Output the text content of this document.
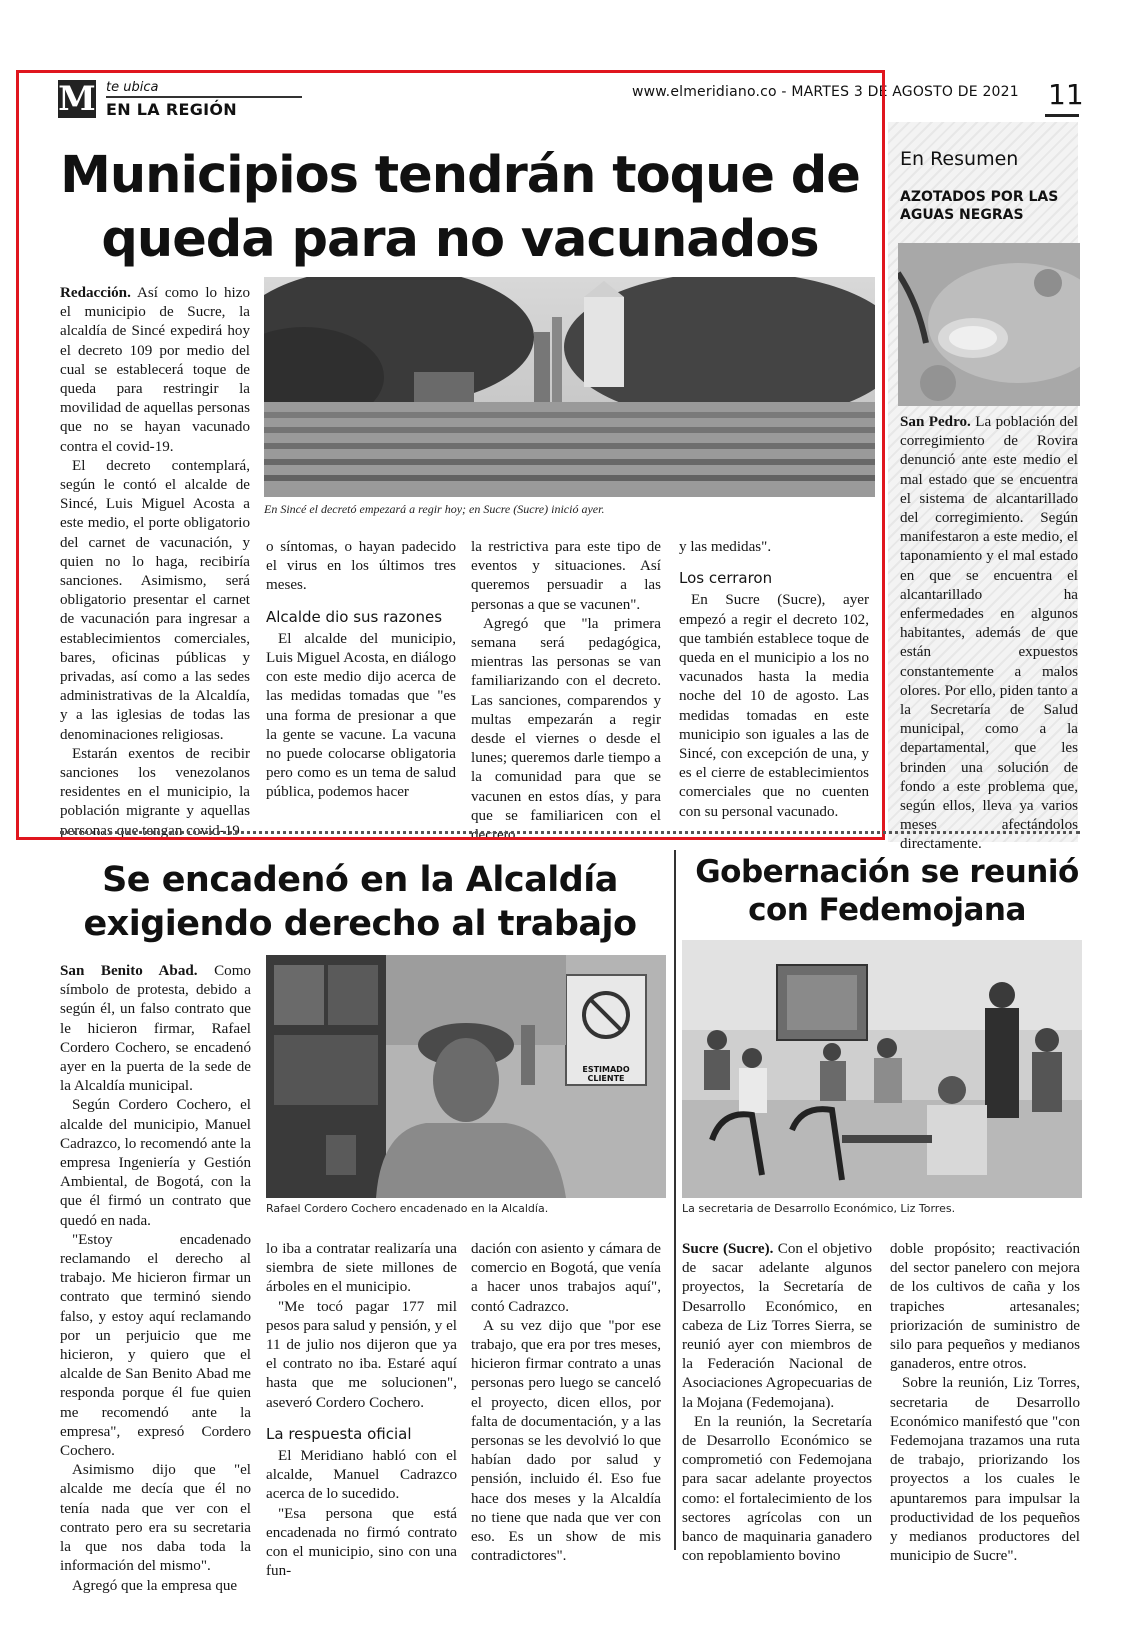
M te ubica
EN LA REGIÓN
www.elmeridiano.co - MARTES 3 DE AGOSTO DE 2021 11
Municipios tendrán toque de
queda para no vacunados

Redacción. Así como lo hizo el municipio de Sucre, la alcaldía de Sincé expedirá hoy el decreto 109 por medio del cual se establecerá toque de queda para restringir la movilidad de aquellas personas que no se hayan vacunado contra el covid-19.

El decreto contemplará, según le contó el alcalde de Sincé, Luis Miguel Acosta a este medio, el porte obligatorio del carnet de vacunación, y quien no lo haga, recibiría sanciones. Asimismo, será obligatorio presentar el carnet de vacunación para ingresar a establecimientos comerciales, bares, oficinas públicas y privadas, así como a las sedes administrativas de la Alcaldía, y a las iglesias de todas las denominaciones religiosas.

Estarán exentos de recibir sanciones los venezolanos residentes en el municipio, la población migrante y aquellas personas que tengan covid-19

En Sincé el decretó empezará a regir hoy; en Sucre (Sucre) inició ayer.

o síntomas, o hayan padecido el virus en los últimos tres meses.

Alcalde dio sus razones

El alcalde del municipio, Luis Miguel Acosta, en diálogo con este medio dijo acerca de las medidas tomadas que "es una forma de presionar a que la gente se vacune. La vacuna no puede colocarse obligatoria pero como es un tema de salud pública, podemos hacer

la restrictiva para este tipo de eventos y situaciones. Así queremos persuadir a las personas a que se vacunen".

Agregó que "la primera semana será pedagógica, mientras las personas se van familiarizando con el decreto. Las sanciones, comparendos y multas empezarán a regir desde el viernes o desde el lunes; queremos darle tiempo a la comunidad para que se vacunen en estos días, y para que se familiaricen con el decreto

y las medidas".

Los cerraron

En Sucre (Sucre), ayer empezó a regir el decreto 102, que también establece toque de queda en el municipio a los no vacunados hasta la media noche del 10 de agosto. Las medidas tomadas en este municipio son iguales a las de Sincé, con excepción de una, y es el cierre de establecimientos comerciales que no cuenten con su personal vacunado.

En Resumen
AZOTADOS POR LAS
AGUAS NEGRAS

San Pedro. La población del corregimiento de Rovira denunció ante este medio el mal estado que se encuentra el sistema de alcantarillado del corregimiento. Según manifestaron a este medio, el taponamiento y el mal estado en que se encuentra el alcantarillado ha enfermedades en algunos habitantes, además de que están expuestos constantemente a malos olores. Por ello, piden tanto a la Secretaría de Salud municipal, como a la departamental, que les brinden una solución de fondo a este problema que, según ellos, lleva ya varios meses afectándolos directamente.

Se encadenó en la Alcaldía
exigiendo derecho al trabajo

San Benito Abad. Como símbolo de protesta, debido a según él, un falso contrato que le hicieron firmar, Rafael Cordero Cochero, se encadenó ayer en la puerta de la sede de la Alcaldía municipal.

Según Cordero Cochero, el alcalde del municipio, Manuel Cadrazco, lo recomendó ante la empresa Ingeniería y Gestión Ambiental, de Bogotá, con la que él firmó un contrato que quedó en nada.

"Estoy encadenado reclamando el derecho al trabajo. Me hicieron firmar un contrato que terminó siendo falso, y estoy aquí reclamando por un perjuicio que me hicieron, y quiero que el alcalde de San Benito Abad me responda porque él fue quien me recomendó ante la empresa", expresó Cordero Cochero.

Asimismo dijo que "el alcalde me decía que él no tenía nada que ver con el contrato pero era su secretaria la que nos daba toda la información del mismo".

Agregó que la empresa que

ESTIMADO CLIENTE
Rafael Cordero Cochero encadenado en la Alcaldía.

lo iba a contratar realizaría una siembra de siete millones de árboles en el municipio.

"Me tocó pagar 177 mil pesos para salud y pensión, y el 11 de julio nos dijeron que ya el contrato no iba. Estaré aquí hasta que me solucionen", aseveró Cordero Cochero.

La respuesta oficial

El Meridiano habló con el alcalde, Manuel Cadrazco acerca de lo sucedido.

"Esa persona que está encadenada no firmó contrato con el municipio, sino con una fun-

dación con asiento y cámara de comercio en Bogotá, que venía a hacer unos trabajos aquí", contó Cadrazco.

A su vez dijo que "por ese trabajo, que era por tres meses, hicieron firmar contrato a unas personas pero luego se canceló el proyecto, dicen ellos, por falta de documentación, y a las personas se les devolvió lo que habían dado por salud y pensión, incluido él. Eso fue hace dos meses y la Alcaldía no tiene que nada que ver con eso. Es un show de mis contradictores".

Gobernación se reunió
con Fedemojana
La secretaria de Desarrollo Económico, Liz Torres.

Sucre (Sucre). Con el objetivo de sacar adelante algunos proyectos, la Secretaría de Desarrollo Económico, en cabeza de Liz Torres Sierra, se reunió ayer con miembros de la Federación Nacional de Asociaciones Agropecuarias de la Mojana (Fedemojana).

En la reunión, la Secretaría de Desarrollo Económico se comprometió con Fedemojana para sacar adelante proyectos como: el fortalecimiento de los sectores agrícolas con un banco de maquinaria ganadero con repoblamiento bovino

doble propósito; reactivación del sector panelero con mejora de los cultivos de caña y los trapiches artesanales; priorización de suministro de silo para pequeños y medianos ganaderos, entre otros.

Sobre la reunión, Liz Torres, secretaria de Desarrollo Económico manifestó que "con Fedemojana trazamos una ruta de trabajo, priorizando los proyectos a los cuales le apuntaremos para impulsar la productividad de los pequeños y medianos productores del municipio de Sucre".
